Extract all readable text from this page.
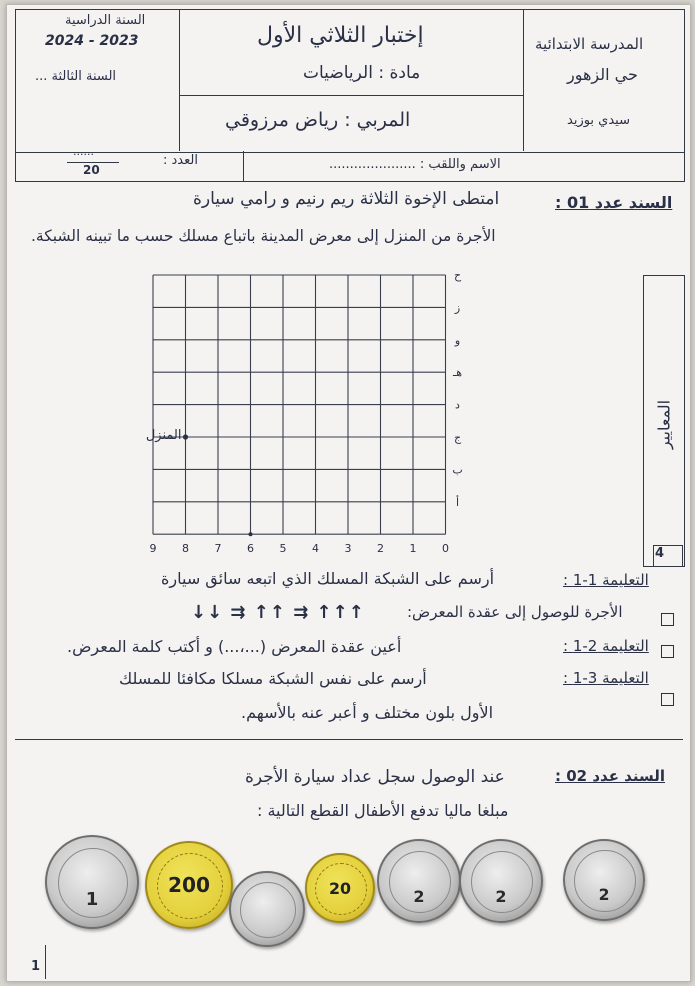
السنة الدراسية
2024 - 2023
السنة الثالثة ...
إختبار الثلاثي الأول
مادة : الرياضيات
المربي : رياض مرزوقي
المدرسة الابتدائية
حي الزهور
سيدي بوزيد
الاسم واللقب : .....................
العدد :
......
20
السند عدد 01 :
امتطى الإخوة الثلاثة ريم رنيم و رامي سيارة
الأجرة من المنزل إلى معرض المدينة باتباع مسلك حسب ما تبينه الشبكة.
0
1
2
3
4
5
6
7
8
9
أ
ب
ج
د
هـ
و
ز
ح
المنزل	المعايير
4
التعليمة 1-1 :
أرسم على الشبكة المسلك الذي اتبعه سائق سيارة
الأجرة للوصول إلى عقدة المعرض:
↓↓ ⇉ ↑↑ ⇉ ↑↑↑
التعليمة 2-1 :
أعين عقدة المعرض (...،...) و أكتب كلمة المعرض.
التعليمة 3-1 :
أرسم على نفس الشبكة مسلكا مكافئا للمسلك
الأول بلون مختلف و أعبر عنه بالأسهم.
السند عدد 02 :
عند الوصول سجل عداد سيارة الأجرة
مبلغا ماليا تدفع الأطفال القطع التالية :
1
200	20	2	2	2
1
